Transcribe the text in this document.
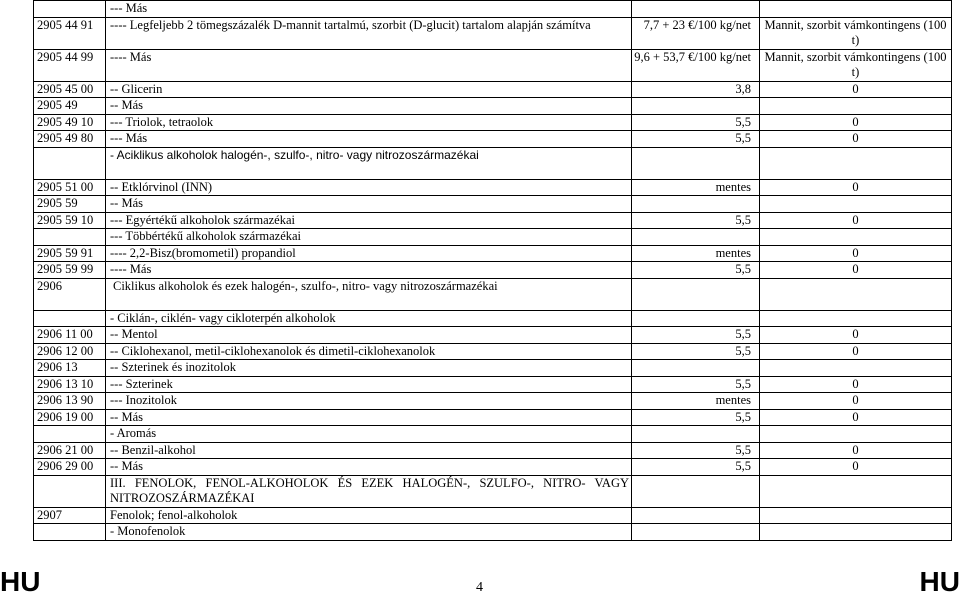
	--- Más		
2905 44 91	---- Legfeljebb 2 tömegszázalék D-mannit tartalmú, szorbit (D-glucit) tartalom alapján számítva	7,7 + 23 €/100 kg/net	Mannit, szorbit vámkontingens (100 t)
2905 44 99	---- Más	9,6 + 53,7 €/100 kg/net	Mannit, szorbit vámkontingens (100 t)
2905 45 00	-- Glicerin	3,8	0
2905 49	-- Más		
2905 49 10	--- Triolok, tetraolok	5,5	0
2905 49 80	--- Más	5,5	0
	- Aciklikus alkoholok halogén-, szulfo-, nitro- vagy nitrozoszármazékai		
2905 51 00	-- Etklórvinol (INN)	mentes	0
2905 59	-- Más		
2905 59 10	--- Egyértékű alkoholok származékai	5,5	0
	--- Többértékű alkoholok származékai		
2905 59 91	---- 2,2-Bisz(bromometil) propandiol	mentes	0
2905 59 99	---- Más	5,5	0
2906	Ciklikus alkoholok és ezek halogén-, szulfo-, nitro- vagy nitrozoszármazékai		
	- Ciklán-, ciklén- vagy cikloterpén alkoholok		
2906 11 00	-- Mentol	5,5	0
2906 12 00	-- Ciklohexanol, metil-ciklohexanolok és dimetil-ciklohexanolok	5,5	0
2906 13	-- Szterinek és inozitolok		
2906 13 10	--- Szterinek	5,5	0
2906 13 90	--- Inozitolok	mentes	0
2906 19 00	-- Más	5,5	0
	- Aromás		
2906 21 00	-- Benzil-alkohol	5,5	0
2906 29 00	-- Más	5,5	0
	III. FENOLOK, FENOL-ALKOHOLOK ÉS EZEK HALOGÉN-, SZULFO-, NITRO- VAGY NITROZOSZÁRMAZÉKAI		
2907	Fenolok; fenol-alkoholok		
	- Monofenolok		
HU	4	HU
